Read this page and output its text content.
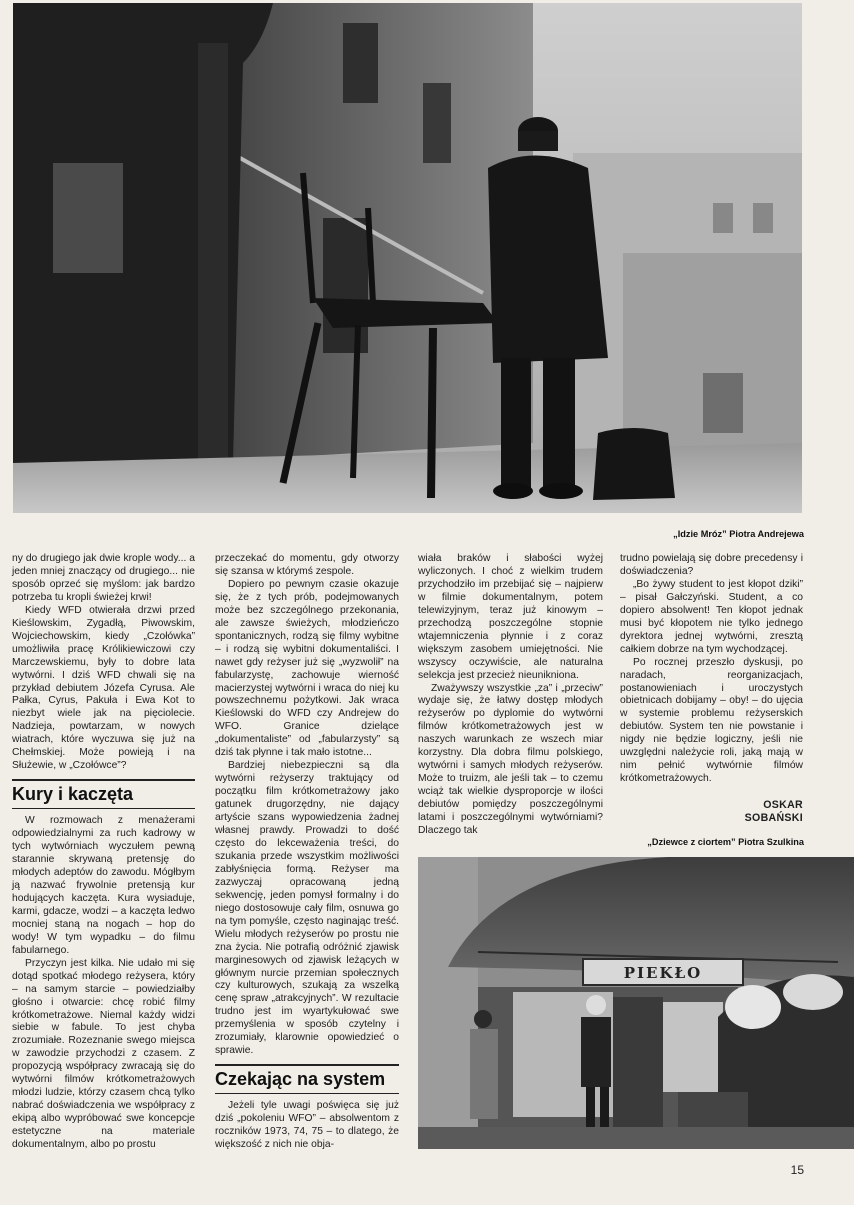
„Idzie Mróz” Piotra Andrejewa

ny do drugiego jak dwie krople wody... a jeden mniej znaczący od drugiego... nie sposób oprzeć się myślom: jak bardzo potrzeba tu kropli świeżej krwi!

Kiedy WFD otwierała drzwi przed Kieślowskim, Zygadłą, Piwowskim, Wojciechowskim, kiedy „Czołówka” umożliwiła pracę Królikiewiczowi czy Marczewskiemu, były to dobre lata wytwórni. I dziś WFD chwali się na przykład debiutem Józefa Cyrusa. Ale Pałka, Cyrus, Pakuła i Ewa Kot to niezbyt wiele jak na pięciolecie. Nadzieja, powtarzam, w nowych wiatrach, które wyczuwa się już na Chełmskiej. Może powieją i na Służewie, w „Czołówce”?

Kury i kaczęta

W rozmowach z menażerami odpowiedzialnymi za ruch kadrowy w tych wytwórniach wyczułem pewną starannie skrywaną pretensję do młodych adeptów do zawodu. Mógłbym ją nazwać frywolnie pretensją kur hodujących kaczęta. Kura wysiaduje, karmi, gdacze, wodzi – a kaczęta ledwo mocniej staną na nogach – hop do wody! W tym wypadku – do filmu fabularnego.

Przyczyn jest kilka. Nie udało mi się dotąd spotkać młodego reżysera, który – na samym starcie – powiedziałby głośno i otwarcie: chcę robić filmy krótkometrażowe. Niemal każdy widzi siebie w fabule. To jest chyba zrozumiałe. Rozeznanie swego miejsca w zawodzie przychodzi z czasem. Z propozycją współpracy zwracają się do wytwórni filmów krótkometrażowych młodzi ludzie, którzy czasem chcą tylko nabrać doświadczenia we współpracy z ekipą albo wypróbować swe koncepcje estetyczne na materiale dokumentalnym, albo po prostu

przeczekać do momentu, gdy otworzy się szansa w którymś zespole.

Dopiero po pewnym czasie okazuje się, że z tych prób, podejmowanych może bez szczególnego przekonania, ale zawsze świeżych, młodzieńczo spontanicznych, rodzą się filmy wybitne – i rodzą się wybitni dokumentaliści. I nawet gdy reżyser już się „wyzwolił” na fabularzystę, zachowuje wierność macierzystej wytwórni i wraca do niej ku powszechnemu pożytkowi. Jak wraca Kieślowski do WFD czy Andrejew do WFO. Granice dzielące „dokumentaliste” od „fabularzysty” są dziś tak płynne i tak mało istotne...

Bardziej niebezpieczni są dla wytwórni reżyserzy traktujący od początku film krótkometrażowy jako gatunek drugorzędny, nie dający artyście szans wypowiedzenia żadnej własnej prawdy. Prowadzi to dość często do lekceważenia treści, do szukania przede wszystkim możliwości zabłyśnięcia formą. Reżyser ma zazwyczaj opracowaną jedną sekwencję, jeden pomysł formalny i do niego dostosowuje cały film, osnuwa go na tym pomyśle, często naginając treść. Wielu młodych reżyserów po prostu nie zna życia. Nie potrafią odróżnić zjawisk marginesowych od zjawisk leżących w głównym nurcie przemian społecznych czy kulturowych, szukają za wszelką cenę spraw „atrakcyjnych”. W rezultacie trudno jest im wyartykułować swe przemyślenia w sposób czytelny i zrozumiały, klarownie opowiedzieć o sprawie.

Czekając na system

Jeżeli tyle uwagi poświęca się już dziś „pokoleniu WFO” – absolwentom z roczników 1973, 74, 75 – to dlatego, że większość z nich nie obja-

wiała braków i słabości wyżej wyliczonych. I choć z wielkim trudem przychodziło im przebijać się – najpierw w filmie dokumentalnym, potem telewizyjnym, teraz już kinowym – przechodzą poszczególne stopnie wtajemniczenia płynnie i z coraz większym zasobem umiejętności. Nie wszyscy oczywiście, ale naturalna selekcja jest przecież nieunikniona.

Zważywszy wszystkie „za” i „przeciw” wydaje się, że łatwy dostęp młodych reżyserów po dyplomie do wytwórni filmów krótkometrażowych jest w naszych warunkach ze wszech miar korzystny. Dla dobra filmu polskiego, wytwórni i samych młodych reżyserów. Może to truizm, ale jeśli tak – to czemu wciąż tak wielkie dysproporcje w ilości debiutów pomiędzy poszczególnymi latami i poszczególnymi wytwórniami? Dlaczego tak

trudno powielają się dobre precedensy i doświadczenia?

„Bo żywy student to jest kłopot dziki” – pisał Gałczyński. Student, a co dopiero absolwent! Ten kłopot jednak musi być kłopotem nie tylko jednego dyrektora jednej wytwórni, zresztą całkiem dobrze na tym wychodzącej.

Po rocznej przeszło dyskusji, po naradach, reorganizacjach, postanowieniach i uroczystych obietnicach dobijamy – oby! – do ujęcia w systemie problemu reżyserskich debiutów. System ten nie powstanie i nigdy nie będzie logiczny, jeśli nie uwzględni należycie roli, jaką mają w nim pełnić wytwórnie filmów krótkometrażowych.

OSKAR
SOBAŃSKI
„Dziewce z ciortem” Piotra Szulkina
PIEKŁO
15
